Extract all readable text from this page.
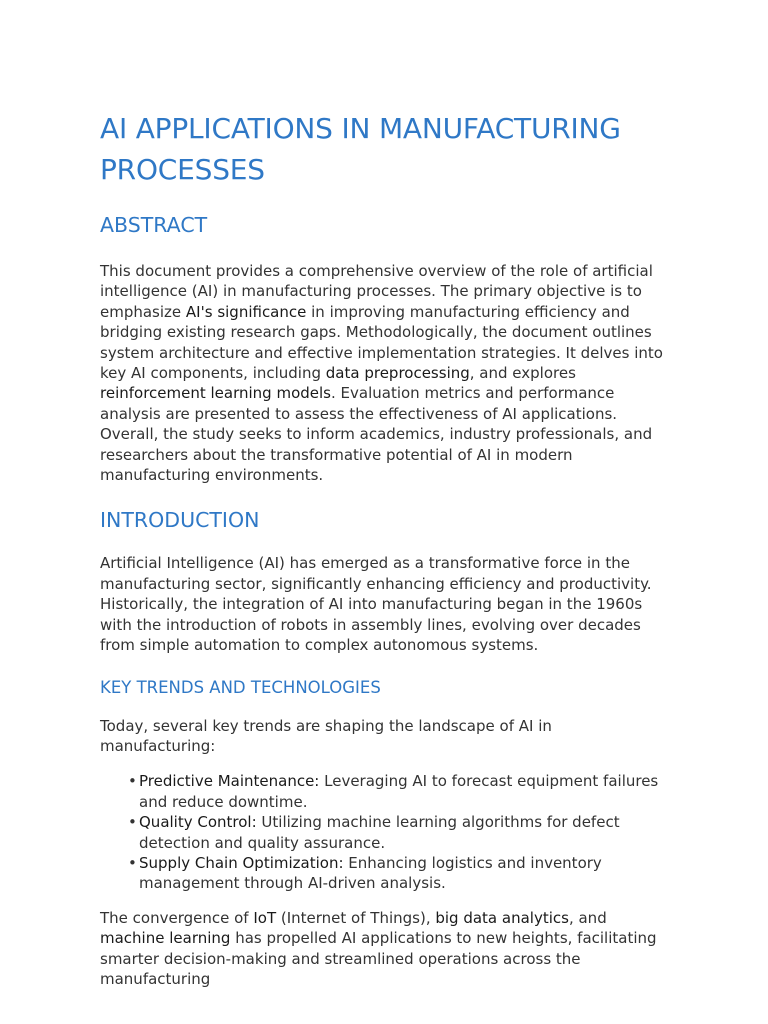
AI APPLICATIONS IN MANUFACTURING PROCESSES
ABSTRACT

This document provides a comprehensive overview of the role of artificial intelligence (AI) in manufacturing processes. The primary objective is to emphasize AI's significance in improving manufacturing efficiency and bridging existing research gaps. Methodologically, the document outlines system architecture and effective implementation strategies. It delves into key AI components, including data preprocessing, and explores reinforcement learning models. Evaluation metrics and performance analysis are presented to assess the effectiveness of AI applications. Overall, the study seeks to inform academics, industry professionals, and researchers about the transformative potential of AI in modern manufacturing environments.

INTRODUCTION

Artificial Intelligence (AI) has emerged as a transformative force in the manufacturing sector, significantly enhancing efficiency and productivity. Historically, the integration of AI into manufacturing began in the 1960s with the introduction of robots in assembly lines, evolving over decades from simple automation to complex autonomous systems.

KEY TRENDS AND TECHNOLOGIES

Today, several key trends are shaping the landscape of AI in manufacturing:

• Predictive Maintenance: Leveraging AI to forecast equipment failures and reduce downtime.
• Quality Control: Utilizing machine learning algorithms for defect detection and quality assurance.
• Supply Chain Optimization: Enhancing logistics and inventory management through AI-driven analysis.

The convergence of IoT (Internet of Things), big data analytics, and machine learning has propelled AI applications to new heights, facilitating smarter decision-making and streamlined operations across the manufacturing
